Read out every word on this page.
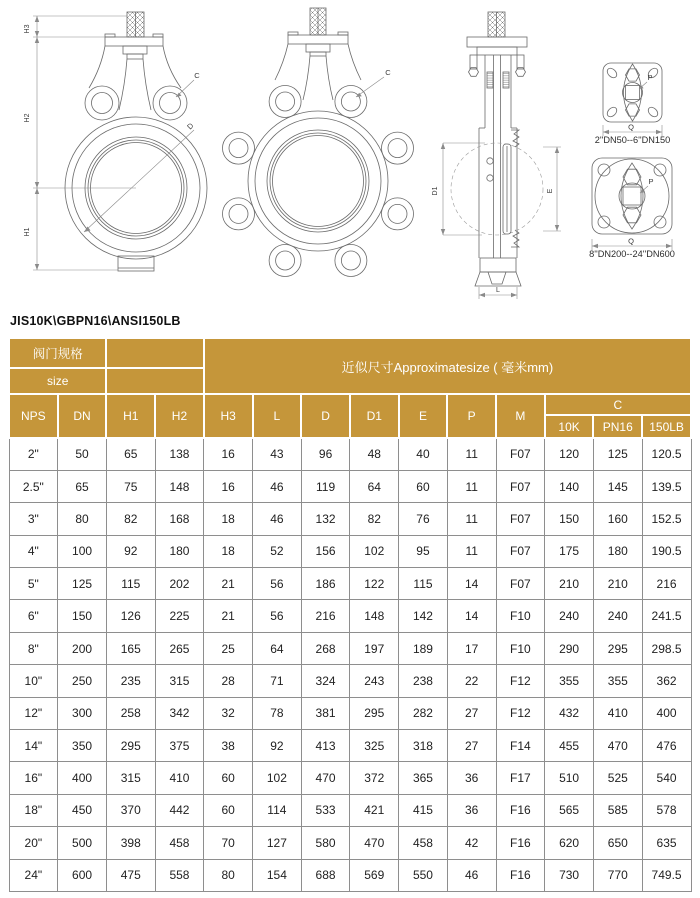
D
C
H3
H2
H1
C
D1	E
L
P
Q
2''DN50--6''DN150
P
Q
8''DN200--24''DN600
JIS10K\GBPN16\ANSI150LB
阀门规格				近似尺寸Approximatesize ( 毫米mm)									
size													
NPS	DN	H1	H2	H3	L	D	D1	E	P	M	C		
											10K	PN16	150LB
2"	50	65	138	16	43	96	48	40	11	F07	120	125	120.5
2.5"	65	75	148	16	46	119	64	60	11	F07	140	145	139.5
3"	80	82	168	18	46	132	82	76	11	F07	150	160	152.5
4"	100	92	180	18	52	156	102	95	11	F07	175	180	190.5
5"	125	115	202	21	56	186	122	115	14	F07	210	210	216
6"	150	126	225	21	56	216	148	142	14	F10	240	240	241.5
8"	200	165	265	25	64	268	197	189	17	F10	290	295	298.5
10"	250	235	315	28	71	324	243	238	22	F12	355	355	362
12"	300	258	342	32	78	381	295	282	27	F12	432	410	400
14"	350	295	375	38	92	413	325	318	27	F14	455	470	476
16"	400	315	410	60	102	470	372	365	36	F17	510	525	540
18"	450	370	442	60	114	533	421	415	36	F16	565	585	578
20"	500	398	458	70	127	580	470	458	42	F16	620	650	635
24"	600	475	558	80	154	688	569	550	46	F16	730	770	749.5
